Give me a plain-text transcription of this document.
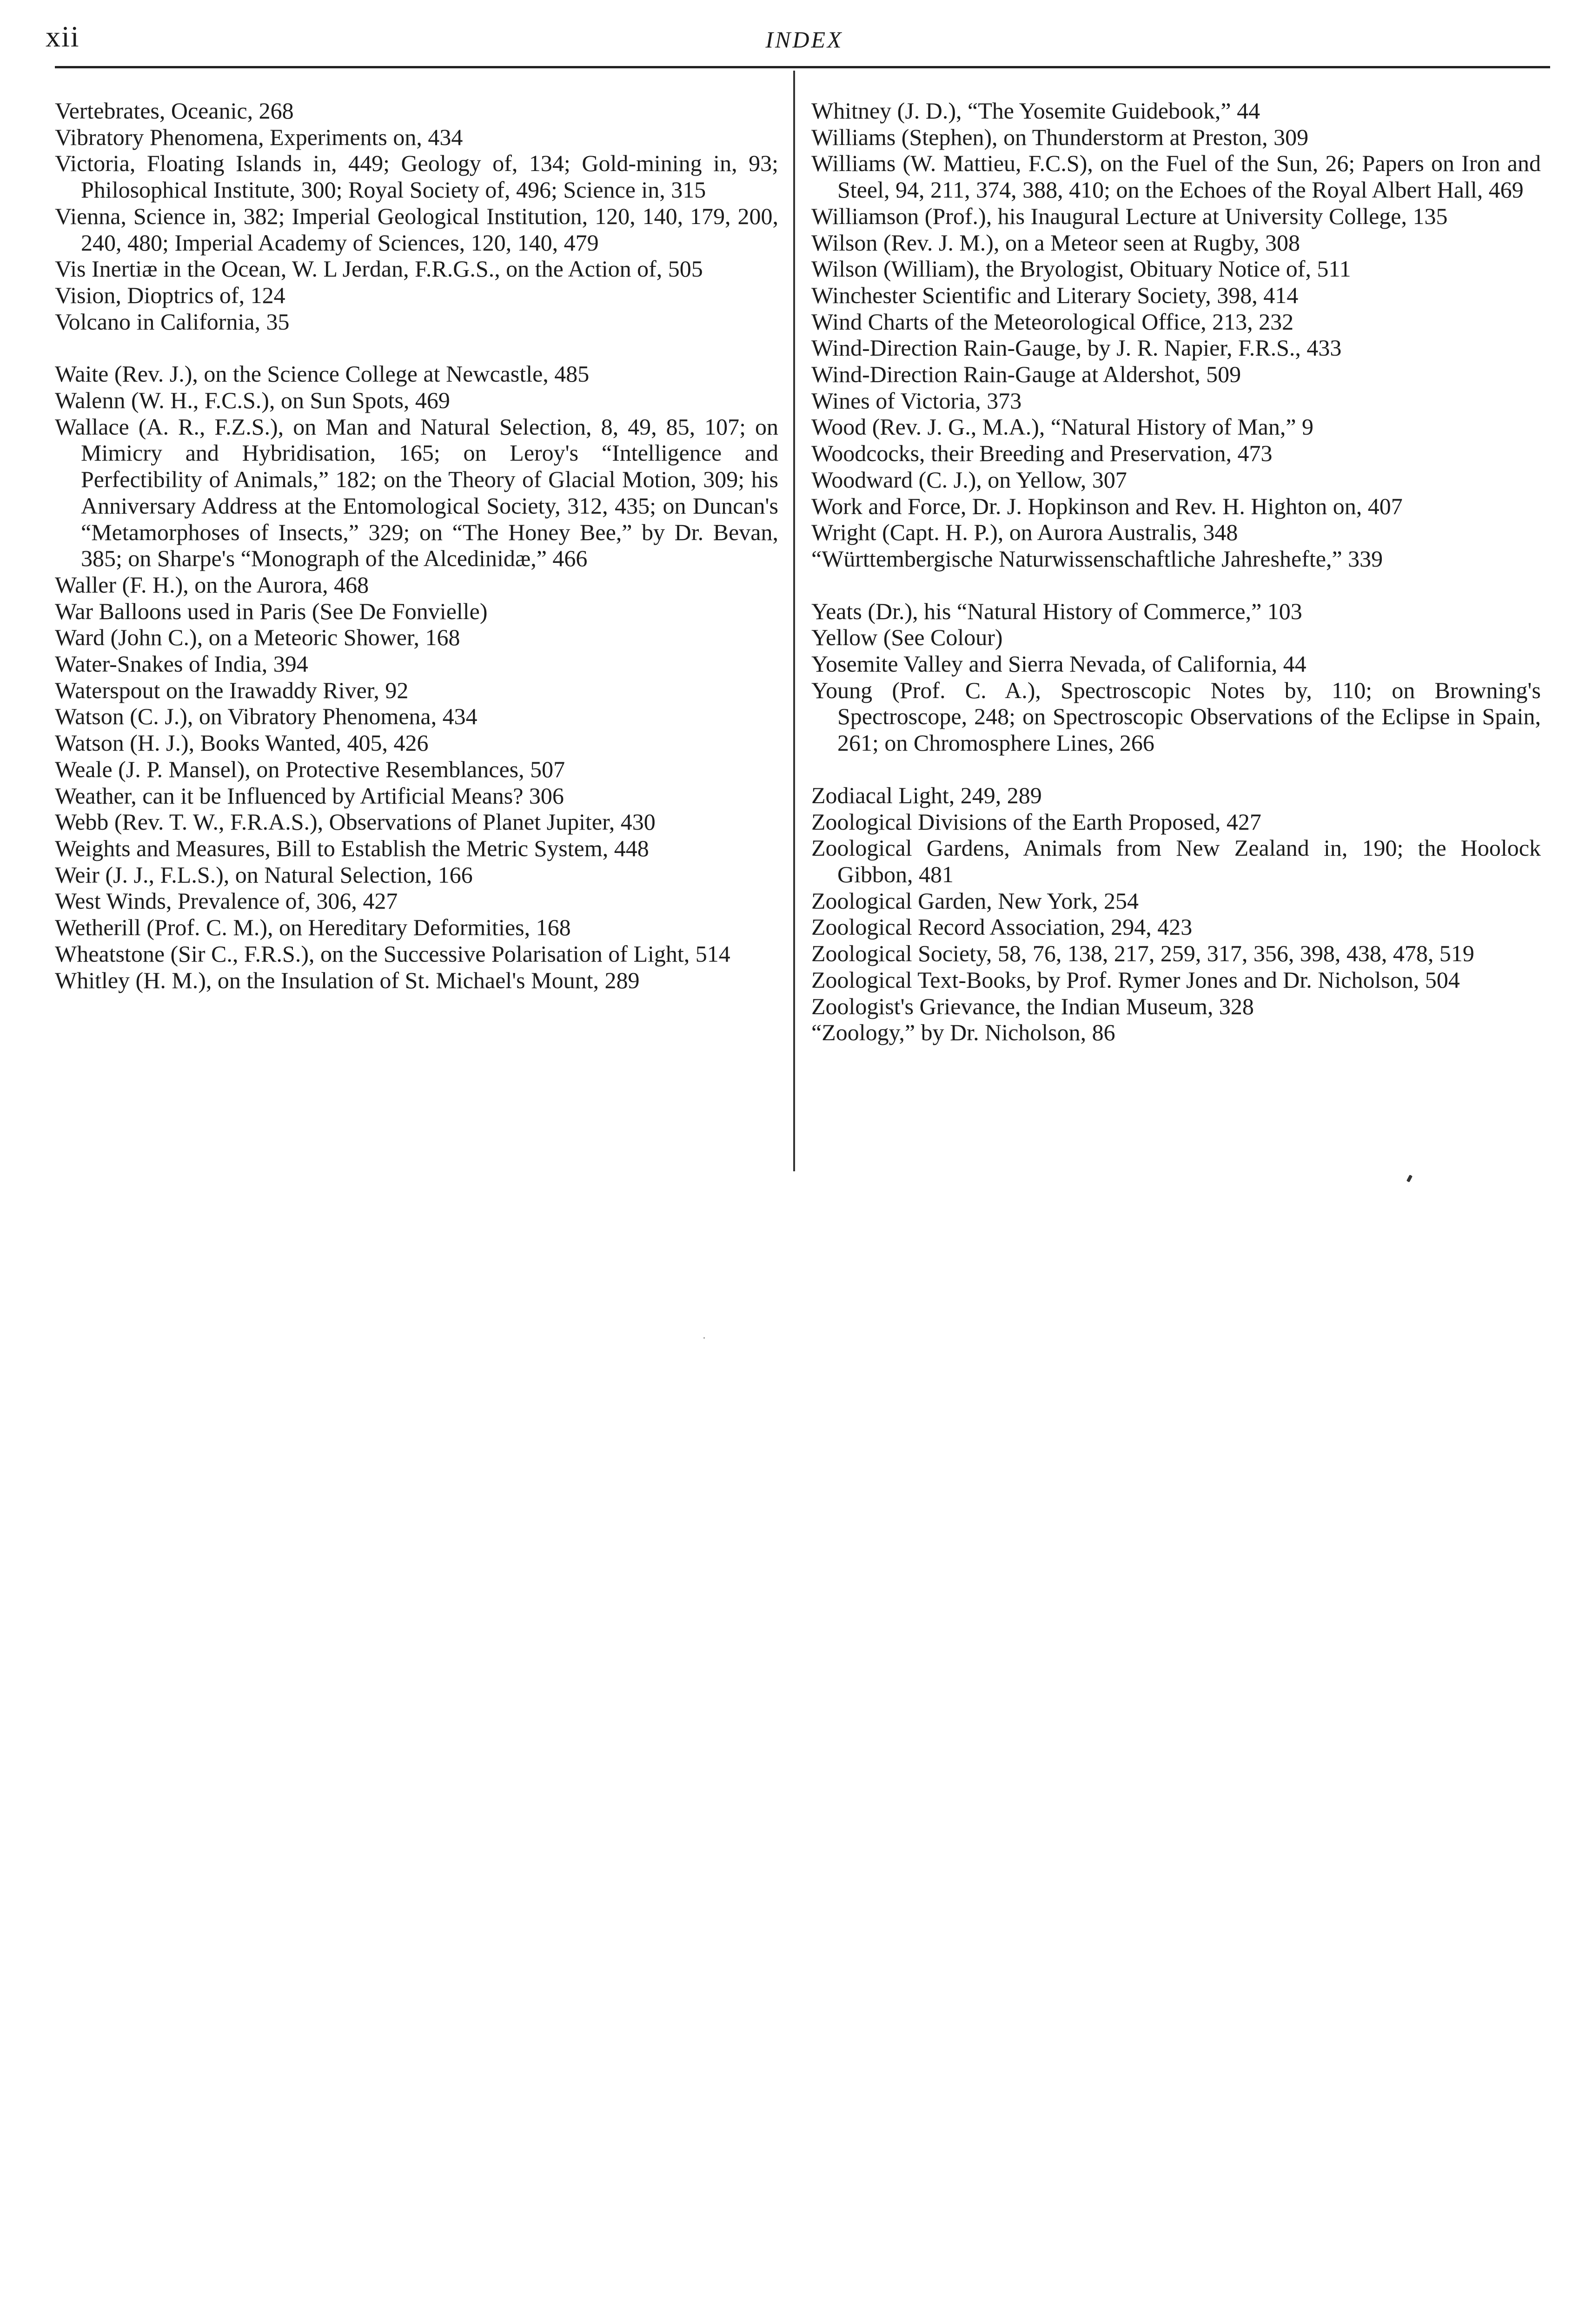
xii	INDEX
Vertebrates, Oceanic, 268
Vibratory Phenomena, Experiments on, 434
Victoria, Floating Islands in, 449; Geology of, 134; Gold-mining in, 93; Philosophical Institute, 300; Royal Society of, 496; Science in, 315
Vienna, Science in, 382; Imperial Geological Institution, 120, 140, 179, 200, 240, 480; Imperial Academy of Sciences, 120, 140, 479
Vis Inertiæ in the Ocean, W. L Jerdan, F.R.G.S., on the Action of, 505
Vision, Dioptrics of, 124
Volcano in California, 35
Waite (Rev. J.), on the Science College at Newcastle, 485
Walenn (W. H., F.C.S.), on Sun Spots, 469
Wallace (A. R., F.Z.S.), on Man and Natural Selection, 8, 49, 85, 107; on Mimicry and Hybridisation, 165; on Leroy's “Intelligence and Perfectibility of Animals,” 182; on the Theory of Glacial Motion, 309; his Anniversary Address at the Entomological Society, 312, 435; on Duncan's “Metamorphoses of Insects,” 329; on “The Honey Bee,” by Dr. Bevan, 385; on Sharpe's “Monograph of the Alcedinidæ,” 466
Waller (F. H.), on the Aurora, 468
War Balloons used in Paris (See De Fonvielle)
Ward (John C.), on a Meteoric Shower, 168
Water-Snakes of India, 394
Waterspout on the Irawaddy River, 92
Watson (C. J.), on Vibratory Phenomena, 434
Watson (H. J.), Books Wanted, 405, 426
Weale (J. P. Mansel), on Protective Resemblances, 507
Weather, can it be Influenced by Artificial Means? 306
Webb (Rev. T. W., F.R.A.S.), Observations of Planet Jupiter, 430
Weights and Measures, Bill to Establish the Metric System, 448
Weir (J. J., F.L.S.), on Natural Selection, 166
West Winds, Prevalence of, 306, 427
Wetherill (Prof. C. M.), on Hereditary Deformities, 168
Wheatstone (Sir C., F.R.S.), on the Successive Polarisation of Light, 514
Whitley (H. M.), on the Insulation of St. Michael's Mount, 289
Whitney (J. D.), “The Yosemite Guidebook,” 44
Williams (Stephen), on Thunderstorm at Preston, 309
Williams (W. Mattieu, F.C.S), on the Fuel of the Sun, 26; Papers on Iron and Steel, 94, 211, 374, 388, 410; on the Echoes of the Royal Albert Hall, 469
Williamson (Prof.), his Inaugural Lecture at University College, 135
Wilson (Rev. J. M.), on a Meteor seen at Rugby, 308
Wilson (William), the Bryologist, Obituary Notice of, 511
Winchester Scientific and Literary Society, 398, 414
Wind Charts of the Meteorological Office, 213, 232
Wind-Direction Rain-Gauge, by J. R. Napier, F.R.S., 433
Wind-Direction Rain-Gauge at Aldershot, 509
Wines of Victoria, 373
Wood (Rev. J. G., M.A.), “Natural History of Man,” 9
Woodcocks, their Breeding and Preservation, 473
Woodward (C. J.), on Yellow, 307
Work and Force, Dr. J. Hopkinson and Rev. H. Highton on, 407
Wright (Capt. H. P.), on Aurora Australis, 348
“Württembergische Naturwissenschaftliche Jahreshefte,” 339
Yeats (Dr.), his “Natural History of Commerce,” 103
Yellow (See Colour)
Yosemite Valley and Sierra Nevada, of California, 44
Young (Prof. C. A.), Spectroscopic Notes by, 110; on Browning's Spectroscope, 248; on Spectroscopic Observations of the Eclipse in Spain, 261; on Chromosphere Lines, 266
Zodiacal Light, 249, 289
Zoological Divisions of the Earth Proposed, 427
Zoological Gardens, Animals from New Zealand in, 190; the Hoolock Gibbon, 481
Zoological Garden, New York, 254
Zoological Record Association, 294, 423
Zoological Society, 58, 76, 138, 217, 259, 317, 356, 398, 438, 478, 519
Zoological Text-Books, by Prof. Rymer Jones and Dr. Nicholson, 504
Zoologist's Grievance, the Indian Museum, 328
“Zoology,” by Dr. Nicholson, 86
